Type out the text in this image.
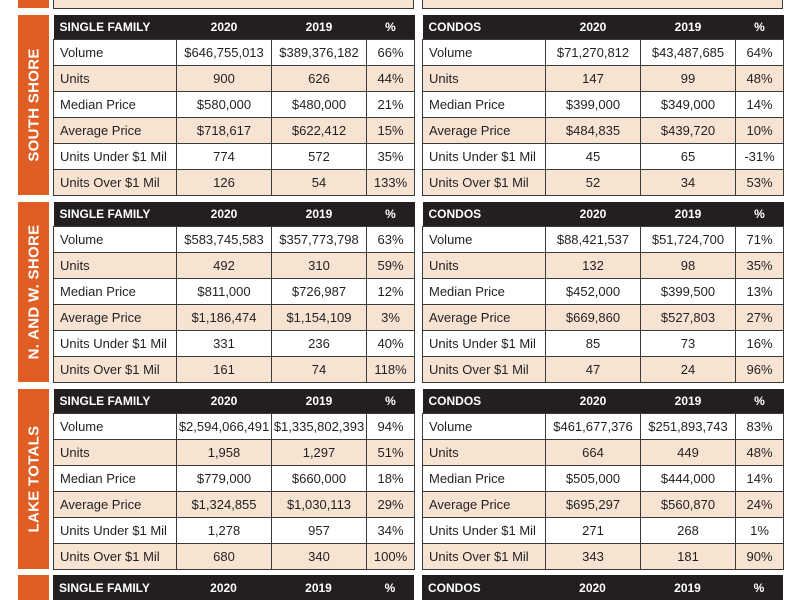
SOUTH SHORE
SINGLE FAMILY	2020	2019	%
Volume	$646,755,013	$389,376,182	66%
Units	900	626	44%
Median Price	$580,000	$480,000	21%
Average Price	$718,617	$622,412	15%
Units Under $1 Mil	774	572	35%
Units Over $1 Mil	126	54	133%
CONDOS	2020	2019	%
Volume	$71,270,812	$43,487,685	64%
Units	147	99	48%
Median Price	$399,000	$349,000	14%
Average Price	$484,835	$439,720	10%
Units Under $1 Mil	45	65	-31%
Units Over $1 Mil	52	34	53%
N. AND W. SHORE
SINGLE FAMILY	2020	2019	%
Volume	$583,745,583	$357,773,798	63%
Units	492	310	59%
Median Price	$811,000	$726,987	12%
Average Price	$1,186,474	$1,154,109	3%
Units Under $1 Mil	331	236	40%
Units Over $1 Mil	161	74	118%
CONDOS	2020	2019	%
Volume	$88,421,537	$51,724,700	71%
Units	132	98	35%
Median Price	$452,000	$399,500	13%
Average Price	$669,860	$527,803	27%
Units Under $1 Mil	85	73	16%
Units Over $1 Mil	47	24	96%
LAKE TOTALS
SINGLE FAMILY	2020	2019	%
Volume	$2,594,066,491	$1,335,802,393	94%
Units	1,958	1,297	51%
Median Price	$779,000	$660,000	18%
Average Price	$1,324,855	$1,030,113	29%
Units Under $1 Mil	1,278	957	34%
Units Over $1 Mil	680	340	100%
CONDOS	2020	2019	%
Volume	$461,677,376	$251,893,743	83%
Units	664	449	48%
Median Price	$505,000	$444,000	14%
Average Price	$695,297	$560,870	24%
Units Under $1 Mil	271	268	1%
Units Over $1 Mil	343	181	90%
SINGLE FAMILY	2020	2019	%	CONDOS	2020	2019	%
